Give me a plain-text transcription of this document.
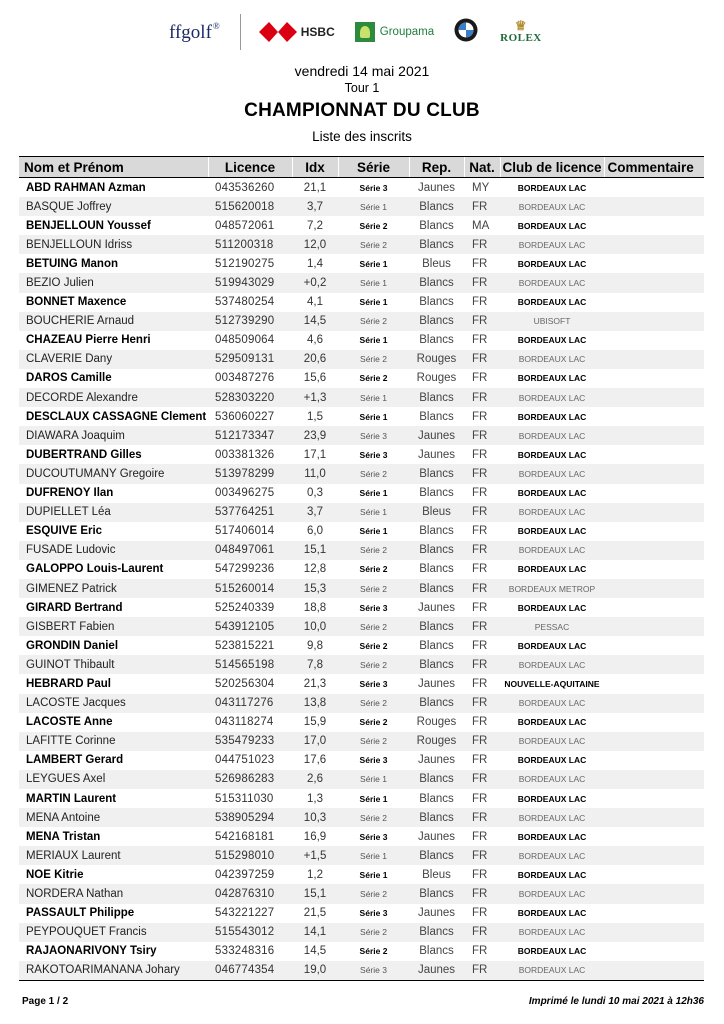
ffgolf®	HSBC	Groupama	♕
ROLEX
vendredi 14 mai 2021
Tour 1
CHAMPIONNAT DU CLUB
Liste des inscrits
Nom et Prénom	Licence	Idx	Série	Rep.	Nat.	Club de licence	Commentaire
ABD RAHMAN Azman	043536260	21,1	Série 3	Jaunes	MY	BORDEAUX LAC	
BASQUE Joffrey	515620018	3,7	Série 1	Blancs	FR	BORDEAUX LAC	
BENJELLOUN Youssef	048572061	7,2	Série 2	Blancs	MA	BORDEAUX LAC	
BENJELLOUN Idriss	511200318	12,0	Série 2	Blancs	FR	BORDEAUX LAC	
BETUING Manon	512190275	1,4	Série 1	Bleus	FR	BORDEAUX LAC	
BEZIO Julien	519943029	+0,2	Série 1	Blancs	FR	BORDEAUX LAC	
BONNET Maxence	537480254	4,1	Série 1	Blancs	FR	BORDEAUX LAC	
BOUCHERIE Arnaud	512739290	14,5	Série 2	Blancs	FR	UBISOFT	
CHAZEAU Pierre Henri	048509064	4,6	Série 1	Blancs	FR	BORDEAUX LAC	
CLAVERIE Dany	529509131	20,6	Série 2	Rouges	FR	BORDEAUX LAC	
DAROS Camille	003487276	15,6	Série 2	Rouges	FR	BORDEAUX LAC	
DECORDE Alexandre	528303220	+1,3	Série 1	Blancs	FR	BORDEAUX LAC	
DESCLAUX CASSAGNE Clement	536060227	1,5	Série 1	Blancs	FR	BORDEAUX LAC	
DIAWARA Joaquim	512173347	23,9	Série 3	Jaunes	FR	BORDEAUX LAC	
DUBERTRAND Gilles	003381326	17,1	Série 3	Jaunes	FR	BORDEAUX LAC	
DUCOUTUMANY Gregoire	513978299	11,0	Série 2	Blancs	FR	BORDEAUX LAC	
DUFRENOY Ilan	003496275	0,3	Série 1	Blancs	FR	BORDEAUX LAC	
DUPIELLET Léa	537764251	3,7	Série 1	Bleus	FR	BORDEAUX LAC	
ESQUIVE Eric	517406014	6,0	Série 1	Blancs	FR	BORDEAUX LAC	
FUSADE Ludovic	048497061	15,1	Série 2	Blancs	FR	BORDEAUX LAC	
GALOPPO Louis-Laurent	547299236	12,8	Série 2	Blancs	FR	BORDEAUX LAC	
GIMENEZ Patrick	515260014	15,3	Série 2	Blancs	FR	BORDEAUX METROP	
GIRARD Bertrand	525240339	18,8	Série 3	Jaunes	FR	BORDEAUX LAC	
GISBERT Fabien	543912105	10,0	Série 2	Blancs	FR	PESSAC	
GRONDIN Daniel	523815221	9,8	Série 2	Blancs	FR	BORDEAUX LAC	
GUINOT Thibault	514565198	7,8	Série 2	Blancs	FR	BORDEAUX LAC	
HEBRARD Paul	520256304	21,3	Série 3	Jaunes	FR	NOUVELLE-AQUITAINE	
LACOSTE Jacques	043117276	13,8	Série 2	Blancs	FR	BORDEAUX LAC	
LACOSTE Anne	043118274	15,9	Série 2	Rouges	FR	BORDEAUX LAC	
LAFITTE Corinne	535479233	17,0	Série 2	Rouges	FR	BORDEAUX LAC	
LAMBERT Gerard	044751023	17,6	Série 3	Jaunes	FR	BORDEAUX LAC	
LEYGUES Axel	526986283	2,6	Série 1	Blancs	FR	BORDEAUX LAC	
MARTIN Laurent	515311030	1,3	Série 1	Blancs	FR	BORDEAUX LAC	
MENA Antoine	538905294	10,3	Série 2	Blancs	FR	BORDEAUX LAC	
MENA Tristan	542168181	16,9	Série 3	Jaunes	FR	BORDEAUX LAC	
MERIAUX Laurent	515298010	+1,5	Série 1	Blancs	FR	BORDEAUX LAC	
NOE Kitrie	042397259	1,2	Série 1	Bleus	FR	BORDEAUX LAC	
NORDERA Nathan	042876310	15,1	Série 2	Blancs	FR	BORDEAUX LAC	
PASSAULT Philippe	543221227	21,5	Série 3	Jaunes	FR	BORDEAUX LAC	
PEYPOUQUET Francis	515543012	14,1	Série 2	Blancs	FR	BORDEAUX LAC	
RAJAONARIVONY Tsiry	533248316	14,5	Série 2	Blancs	FR	BORDEAUX LAC	
RAKOTOARIMANANA Johary	046774354	19,0	Série 3	Jaunes	FR	BORDEAUX LAC	
Page 1 / 2	Imprimé le lundi 10 mai 2021 à 12h36
